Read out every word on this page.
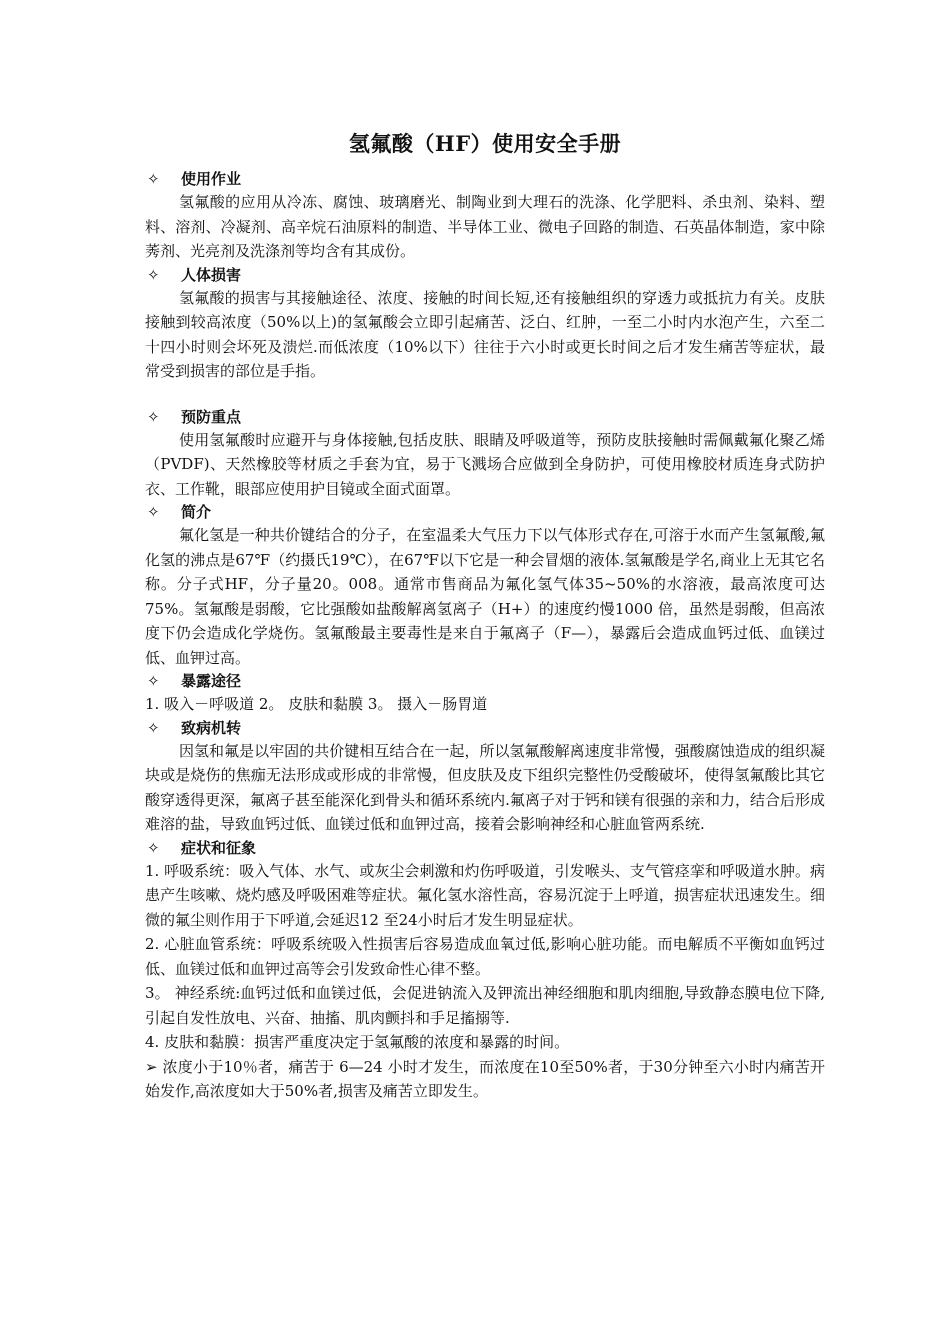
氢氟酸（HF）使用安全手册
✧	使用作业

氢氟酸的应用从冷冻、腐蚀、玻璃磨光、制陶业到大理石的洗涤、化学肥料、杀虫剂、染料、塑料、溶剂、冷凝剂、高辛烷石油原料的制造、半导体工业、微电子回路的制造、石英晶体制造，家中除莠剂、光亮剂及洗涤剂等均含有其成份。

✧	人体损害

氢氟酸的损害与其接触途径、浓度、接触的时间长短,还有接触组织的穿透力或抵抗力有关。皮肤接触到较高浓度（50%以上)的氢氟酸会立即引起痛苦、泛白、红肿，一至二小时内水泡产生，六至二十四小时则会坏死及溃烂.而低浓度（10%以下）往往于六小时或更长时间之后才发生痛苦等症状，最常受到损害的部位是手指。

✧	预防重点

使用氢氟酸时应避开与身体接触,包括皮肤、眼睛及呼吸道等，预防皮肤接触时需佩戴氟化聚乙烯（PVDF)、天然橡胶等材质之手套为宜，易于飞溅场合应做到全身防护，可使用橡胶材质连身式防护衣、工作靴，眼部应使用护目镜或全面式面罩。

✧	简介

氟化氢是一种共价键结合的分子，在室温柔大气压力下以气体形式存在,可溶于水而产生氢氟酸,氟化氢的沸点是67℉（约摄氏19℃），在67℉以下它是一种会冒烟的液体.氢氟酸是学名,商业上无其它名称。分子式HF，分子量20。008。通常市售商品为氟化氢气体35~50%的水溶液，最高浓度可达75%。氢氟酸是弱酸，它比强酸如盐酸解离氢离子（H+）的速度约慢1000 倍，虽然是弱酸，但高浓度下仍会造成化学烧伤。氢氟酸最主要毒性是来自于氟离子（F—），暴露后会造成血钙过低、血镁过低、血钾过高。

✧	暴露途径

1. 吸入－呼吸道 2。 皮肤和黏膜 3。 摄入－肠胃道

✧	致病机转

因氢和氟是以牢固的共价键相互结合在一起，所以氢氟酸解离速度非常慢，强酸腐蚀造成的组织凝块或是烧伤的焦痂无法形成或形成的非常慢，但皮肤及皮下组织完整性仍受酸破坏，使得氢氟酸比其它酸穿透得更深，氟离子甚至能深化到骨头和循环系统内.氟离子对于钙和镁有很强的亲和力，结合后形成难溶的盐，导致血钙过低、血镁过低和血钾过高，接着会影响神经和心脏血管两系统.

✧	症状和征象

1. 呼吸系统：吸入气体、水气、或灰尘会刺激和灼伤呼吸道，引发喉头、支气管痉挛和呼吸道水肿。病患产生咳嗽、烧灼感及呼吸困难等症状。氟化氢水溶性高，容易沉淀于上呼道，损害症状迅速发生。细微的氟尘则作用于下呼道,会延迟12 至24小时后才发生明显症状。

2. 心脏血管系统：呼吸系统吸入性损害后容易造成血氧过低,影响心脏功能。而电解质不平衡如血钙过低、血镁过低和血钾过高等会引发致命性心律不整。

3。 神经系统:血钙过低和血镁过低，会促进钠流入及钾流出神经细胞和肌肉细胞,导致静态膜电位下降,引起自发性放电、兴奋、抽搐、肌肉颤抖和手足搐搦等.

4. 皮肤和黏膜：损害严重度决定于氢氟酸的浓度和暴露的时间。

➢ 浓度小于10％者，痛苦于 6—24 小时才发生，而浓度在10至50%者，于30分钟至六小时内痛苦开始发作,高浓度如大于50%者,损害及痛苦立即发生。
